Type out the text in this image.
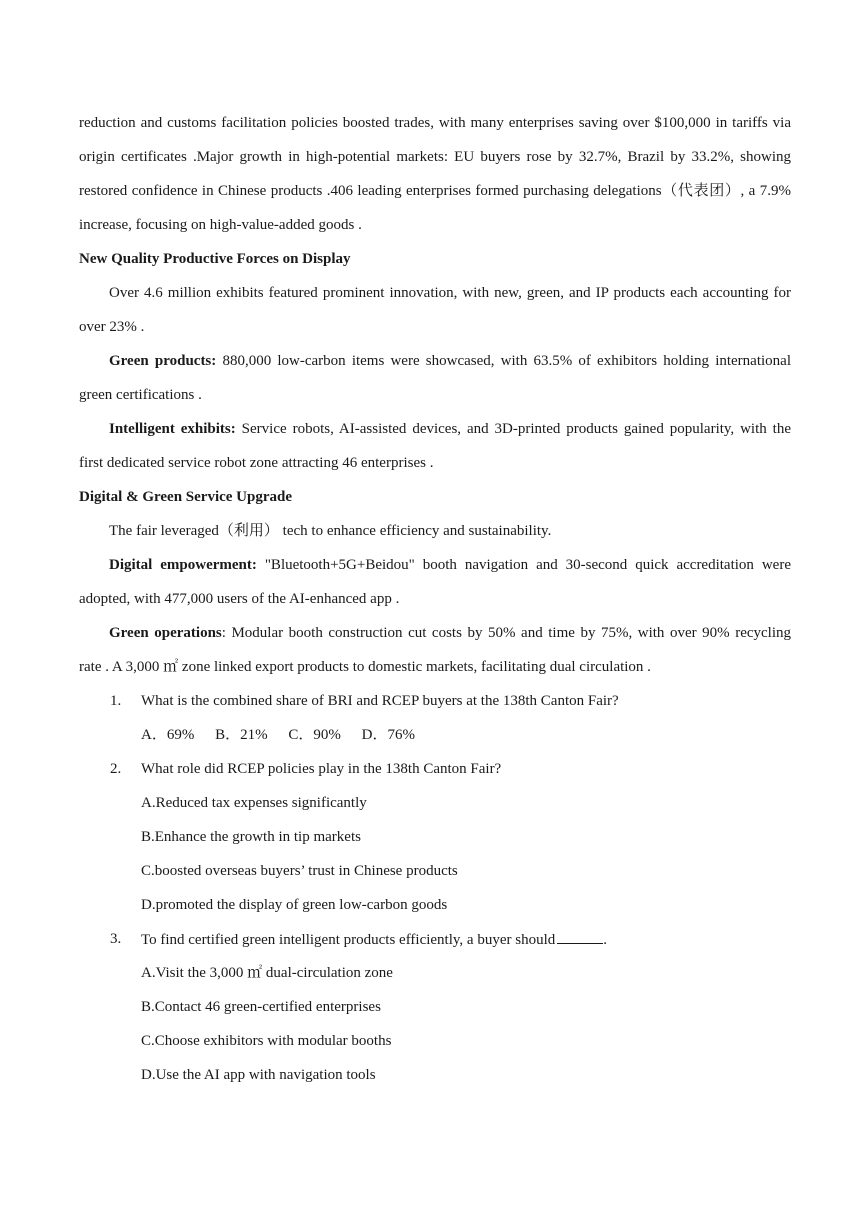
reduction and customs facilitation policies boosted trades, with many enterprises saving over $100,000 in tariffs via
origin certificates .Major growth in high-potential markets: EU buyers rose by 32.7%, Brazil by 33.2%, showing
restored confidence in Chinese products .406 leading enterprises formed purchasing delegations（代表团）, a 7.9%
increase, focusing on high-value-added goods .
New Quality Productive Forces on Display
Over 4.6 million exhibits featured prominent innovation, with new, green, and IP products each accounting for
over 23% .
Green products: 880,000 low-carbon items were showcased, with 63.5% of exhibitors holding international
green certifications .
Intelligent exhibits: Service robots, AI-assisted devices, and 3D-printed products gained popularity, with the
first dedicated service robot zone attracting 46 enterprises .
Digital & Green Service Upgrade
The fair leveraged（利用） tech to enhance efficiency and sustainability.
Digital empowerment: "Bluetooth+5G+Beidou" booth navigation and 30-second quick accreditation were
adopted, with 477,000 users of the AI-enhanced app .
Green operations: Modular booth construction cut costs by 50% and time by 75%, with over 90% recycling
rate . A 3,000 ㎡ zone linked export products to domestic markets, facilitating dual circulation .
1. What is the combined share of BRI and RCEP buyers at the 138th Canton Fair?
A．69% B．21% C．90% D．76%
2. What role did RCEP policies play in the 138th Canton Fair?
A.Reduced tax expenses significantly
B.Enhance the growth in tip markets
C.boosted overseas buyers’ trust in Chinese products
D.promoted the display of green low-carbon goods
3. To find certified green intelligent products efficiently, a buyer should	.
A.Visit the 3,000 ㎡ dual-circulation zone
B.Contact 46 green-certified enterprises
C.Choose exhibitors with modular booths
D.Use the AI app with navigation tools
